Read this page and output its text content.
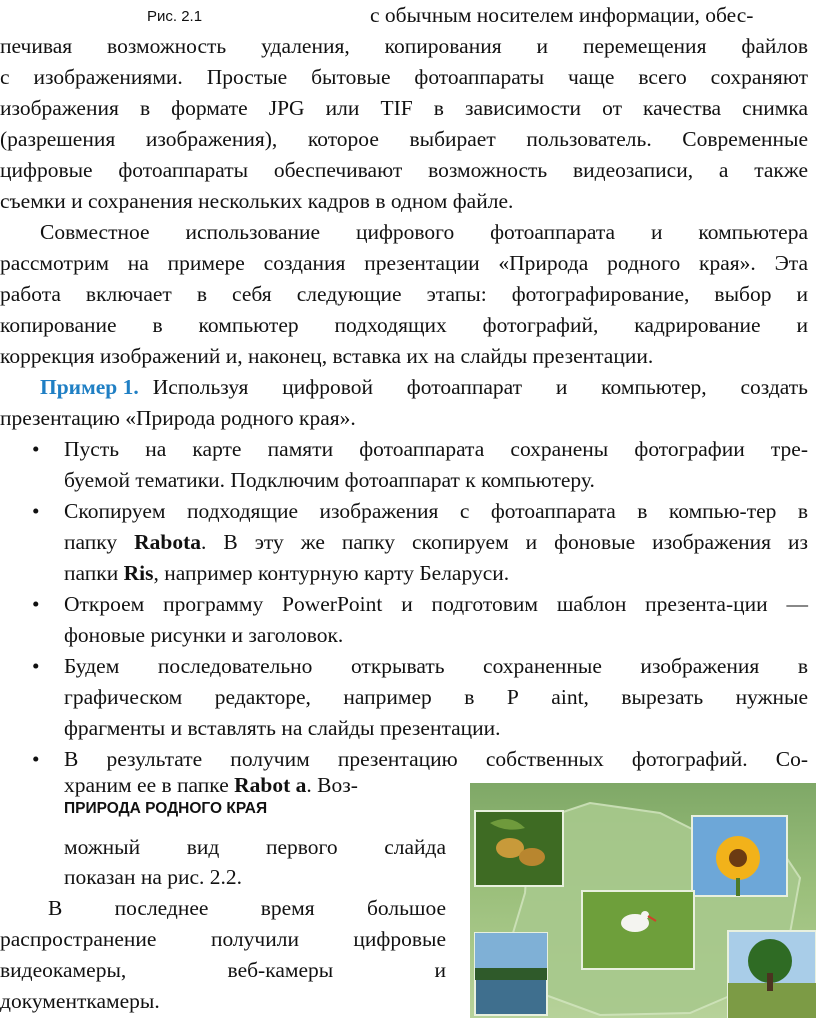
Рис. 2.1	с обычным носителем информации, обес-
печивая возможность удаления, копирования и перемещения файлов
с изображениями. Простые бытовые фотоаппараты чаще всего сохраняют
изображения в формате JPG или TIF в зависимости от качества снимка
(разрешения изображения), которое выбирает пользователь. Современные
цифровые фотоаппараты обеспечивают возможность видеозаписи, а также
съемки и сохранения нескольких кадров в одном файле.
Совместное использование цифрового фотоаппарата и компьютера
рассмотрим на примере создания презентации «Природа родного края». Эта
работа включает в себя следующие этапы: фотографирование, выбор и
копирование в компьютер подходящих фотографий, кадрирование и
коррекция изображений и, наконец, вставка их на слайды презентации.
Пример 1. Используя цифровой фотоаппарат и компьютер, создать
презентацию «Природа родного края».
• Пусть на карте памяти фотоаппарата сохранены фотографии тре-
буемой тематики. Подключим фотоаппарат к компьютеру.
• Скопируем подходящие изображения с фотоаппарата в компью-тер в
папку Rabota. В эту же папку скопируем и фоновые изображения из
папки Ris, например контурную карту Беларуси.
• Откроем программу PowerPoint и подготовим шаблон презента-ции —
фоновые рисунки и заголовок.
• Будем последовательно открывать сохраненные изображения в
графическом редакторе, например в Р aint, вырезать нужные
фрагменты и вставлять на слайды презентации.
• В результате получим презентацию собственных фотографий. Со-
храним ее в папке Rabot a. Воз-
ПРИРОДА РОДНОГО КРАЯ
можный вид первого слайда
показан на рис. 2.2.
В последнее время большое
распространение получили цифровые
видеокамеры, веб-камеры и
документкамеры.
